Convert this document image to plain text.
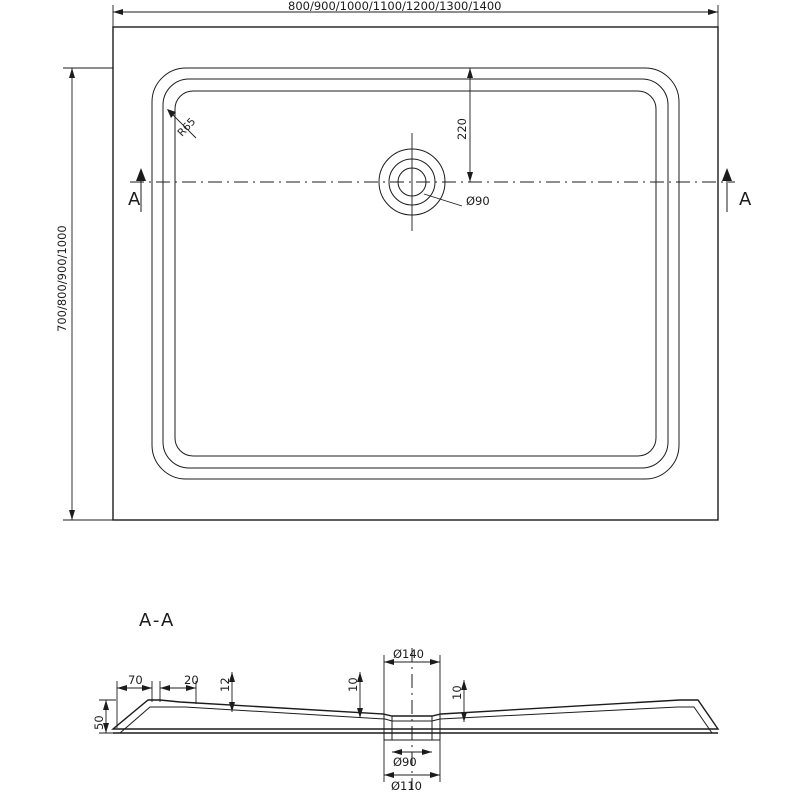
800/900/1000/1100/1200/1300/1400
700/800/900/1000
R65	220
Ø90
A	A
A-A
70	20 12	10
10
50
Ø140
Ø90
Ø110
